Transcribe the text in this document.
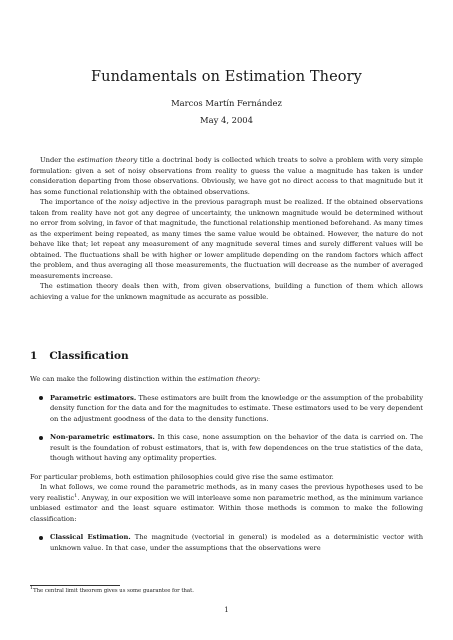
Fundamentals on Estimation Theory
Marcos Martín Fernández
May 4, 2004

Under the estimation theory title a doctrinal body is collected which treats to solve a problem with very simple formulation: given a set of noisy observations from reality to guess the value a magnitude has taken is under consideration departing from those observations. Obviously, we have got no direct access to that magnitude but it has some functional relationship with the obtained observations.

The importance of the noisy adjective in the previous paragraph must be realized. If the obtained observations taken from reality have not got any degree of uncertainty, the unknown magnitude would be determined without no error from solving, in favor of that magnitude, the functional relationship mentioned beforehand. As many times as the experiment being repeated, as many times the same value would be obtained. However, the nature do not behave like that; let repeat any measurement of any magnitude several times and surely different values will be obtained. The fluctuations shall be with higher or lower amplitude depending on the random factors which affect the problem, and thus averaging all those measurements, the fluctuation will decrease as the number of averaged measurements increase.

The estimation theory deals then with, from given observations, building a function of them which allows achieving a value for the unknown magnitude as accurate as possible.

1 Classification

We can make the following distinction within the estimation theory:

Parametric estimators. These estimators are built from the knowledge or the assumption of the probability density function for the data and for the magnitudes to estimate. These estimators used to be very dependent on the adjustment goodness of the data to the density functions.
Non-parametric estimators. In this case, none assumption on the behavior of the data is carried on. The result is the foundation of robust estimators, that is, with few dependences on the true statistics of the data, though without having any optimality properties.

For particular problems, both estimation philosophies could give rise the same estimator.

In what follows, we come round the parametric methods, as in many cases the previous hypotheses used to be very realistic$^1$. Anyway, in our exposition we will interleave some non parametric method, as the minimum variance unbiased estimator and the least square estimator. Within those methods is common to make the following classification:

Classical Estimation. The magnitude (vectorial in general) is modeled as a deterministic vector with unknown value. In that case, under the assumptions that the observations were
$^1$The central limit theorem gives us some guarantee for that.
1
